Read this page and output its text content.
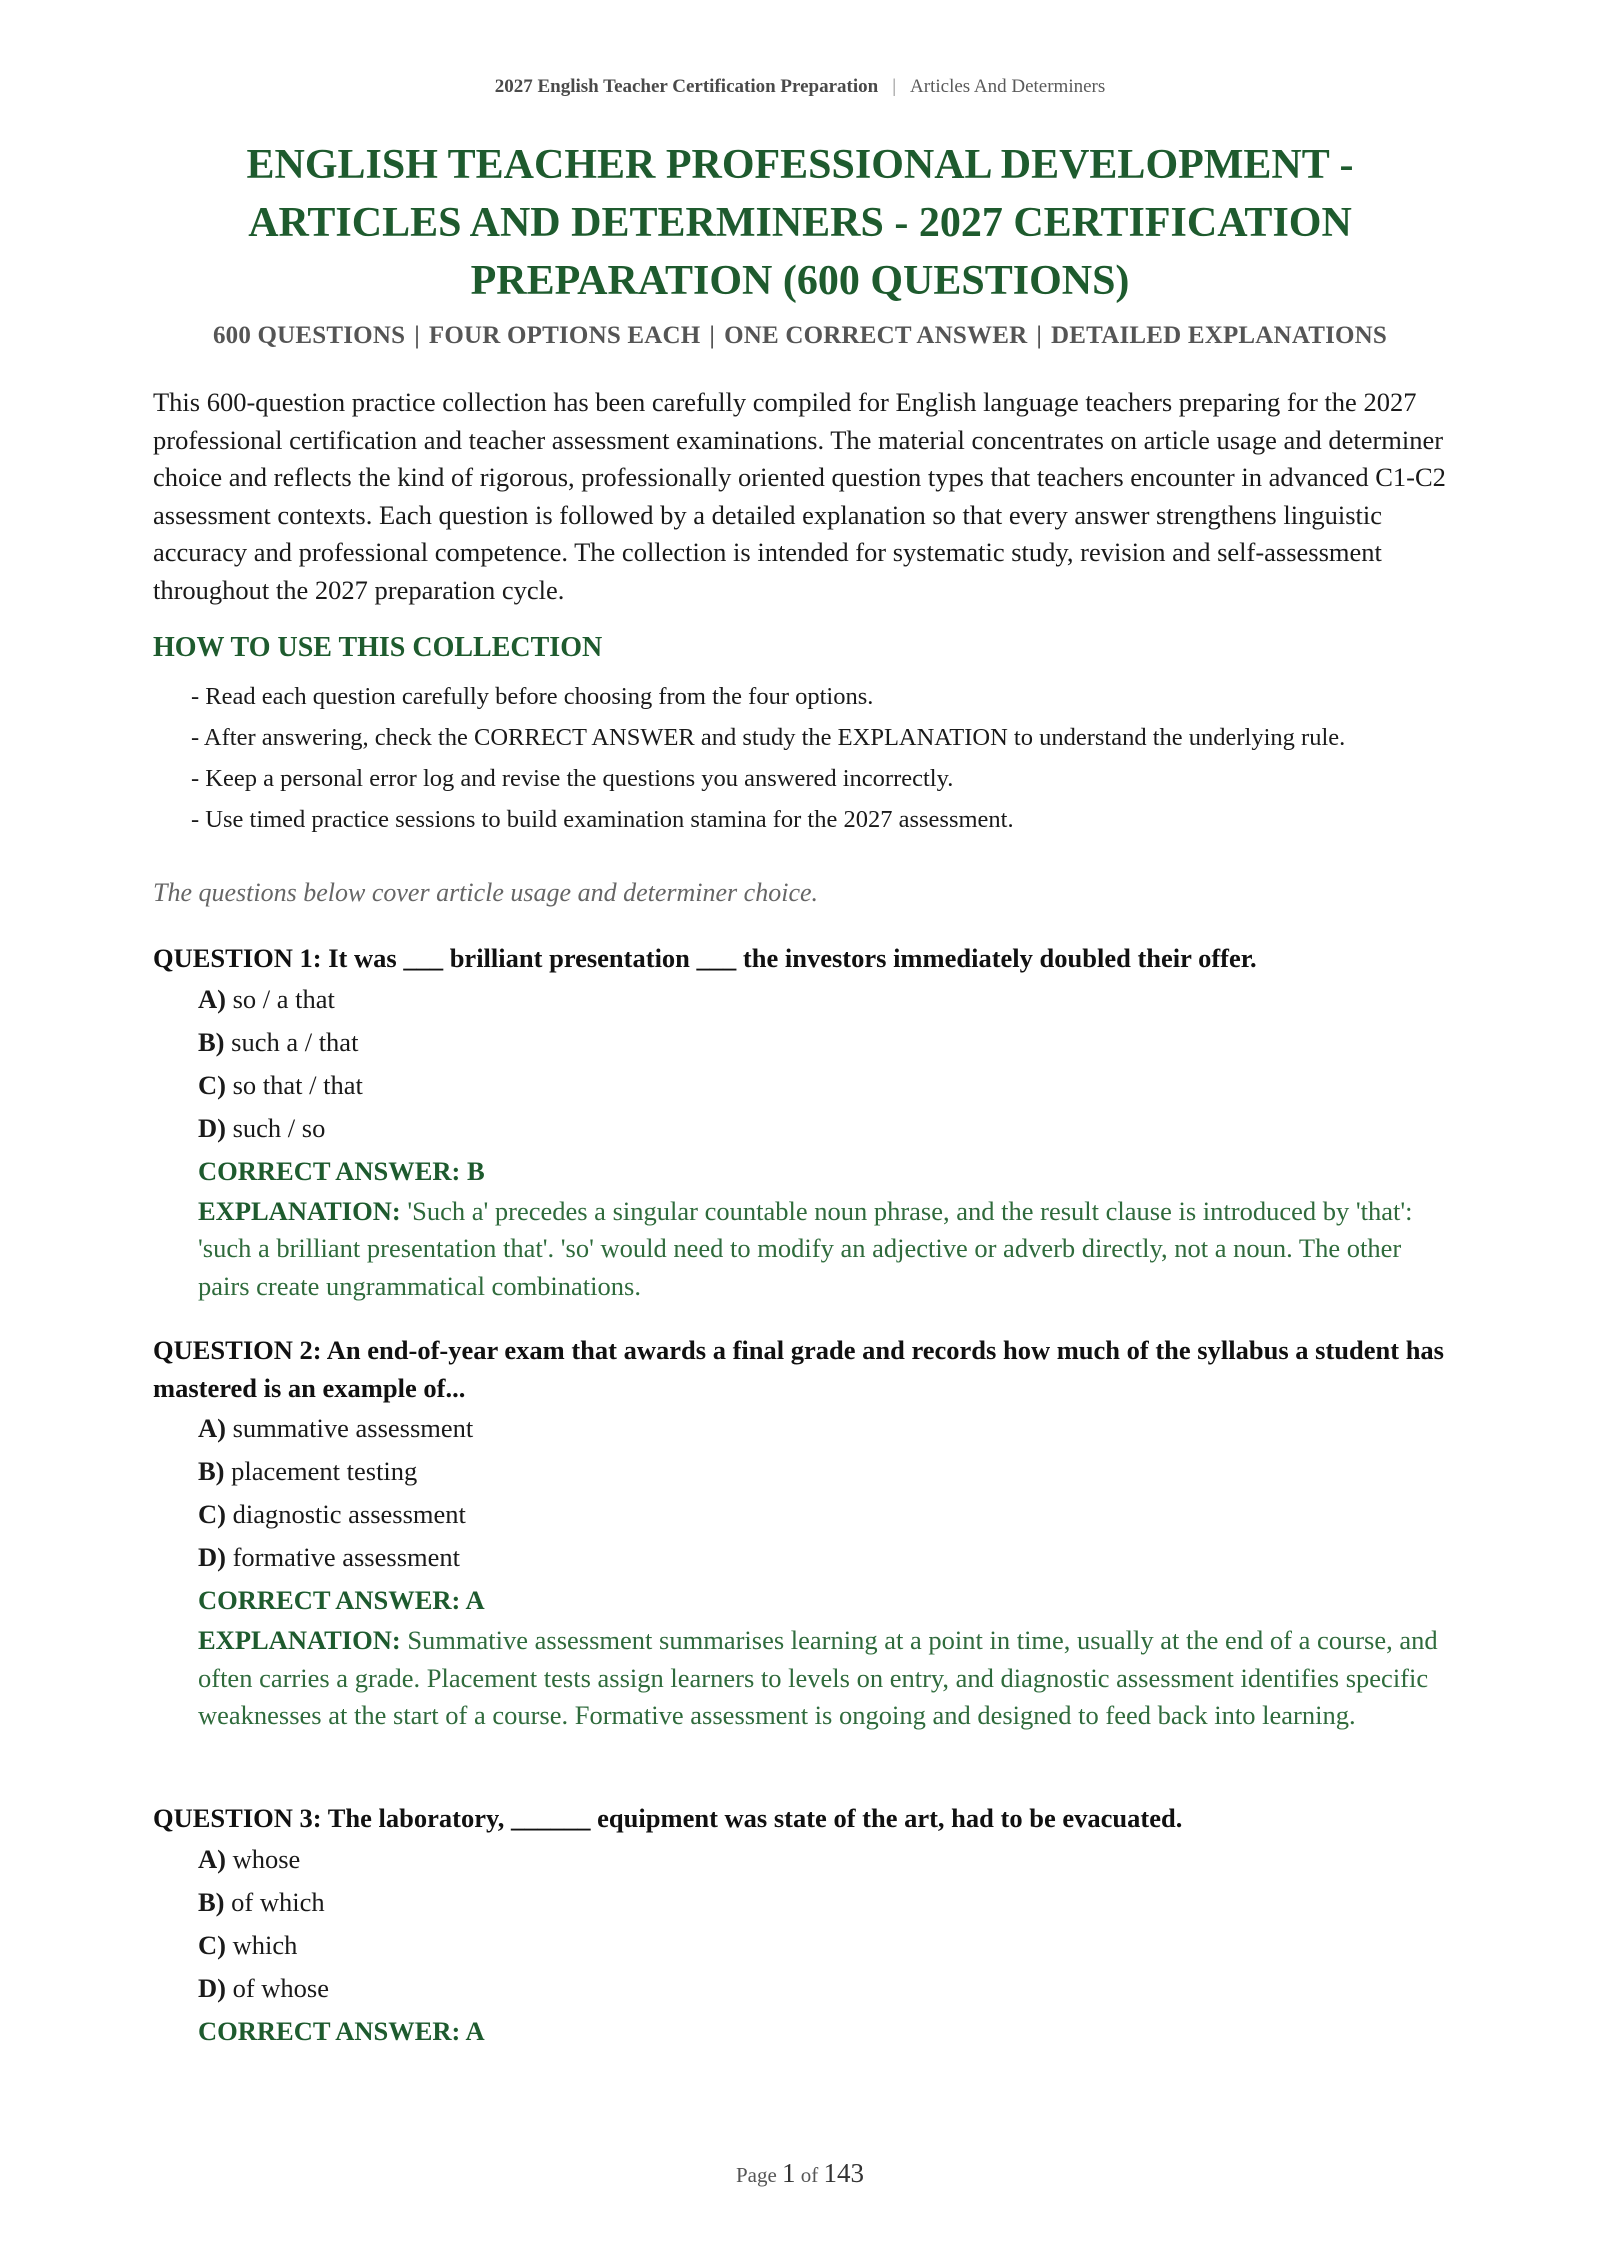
2027 English Teacher Certification Preparation | Articles And Determiners
ENGLISH TEACHER PROFESSIONAL DEVELOPMENT - ARTICLES AND DETERMINERS - 2027 CERTIFICATION PREPARATION (600 QUESTIONS)
600 QUESTIONS | FOUR OPTIONS EACH | ONE CORRECT ANSWER | DETAILED EXPLANATIONS

This 600-question practice collection has been carefully compiled for English language teachers preparing for the 2027 professional certification and teacher assessment examinations. The material concentrates on article usage and determiner choice and reflects the kind of rigorous, professionally oriented question types that teachers encounter in advanced C1-C2 assessment contexts. Each question is followed by a detailed explanation so that every answer strengthens linguistic accuracy and professional competence. The collection is intended for systematic study, revision and self-assessment throughout the 2027 preparation cycle.

HOW TO USE THIS COLLECTION
- Read each question carefully before choosing from the four options.
- After answering, check the CORRECT ANSWER and study the EXPLANATION to understand the underlying rule.
- Keep a personal error log and revise the questions you answered incorrectly.
- Use timed practice sessions to build examination stamina for the 2027 assessment.
The questions below cover article usage and determiner choice.

QUESTION 1: It was ___ brilliant presentation ___ the investors immediately doubled their offer.

A) so / a that
B) such a / that
C) so that / that
D) such / so

CORRECT ANSWER: B

EXPLANATION: 'Such a' precedes a singular countable noun phrase, and the result clause is introduced by 'that': 'such a brilliant presentation that'. 'so' would need to modify an adjective or adverb directly, not a noun. The other pairs create ungrammatical combinations.

QUESTION 2: An end-of-year exam that awards a final grade and records how much of the syllabus a student has mastered is an example of...

A) summative assessment
B) placement testing
C) diagnostic assessment
D) formative assessment

CORRECT ANSWER: A

EXPLANATION: Summative assessment summarises learning at a point in time, usually at the end of a course, and often carries a grade. Placement tests assign learners to levels on entry, and diagnostic assessment identifies specific weaknesses at the start of a course. Formative assessment is ongoing and designed to feed back into learning.

QUESTION 3: The laboratory, ______ equipment was state of the art, had to be evacuated.

A) whose
B) of which
C) which
D) of whose

CORRECT ANSWER: A

Page 1 of 143
